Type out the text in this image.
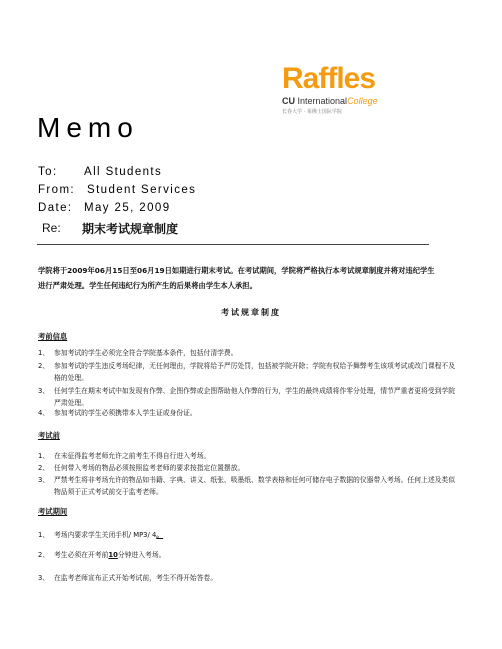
Raffles
CU InternationalCollege
长春大学 · 莱佛士国际学院
Memo
To: All Students
From: Student Services
Date: May 25, 2009
Re: 期末考试规章制度
学院将于2009年06月15日至06月19日如期进行期末考试。在考试期间，学院将严格执行本考试规章制度并将对违纪学生进行严肃处理。学生任何违纪行为所产生的后果将由学生本人承担。
考试规章制度
考前信息
1、 参加考试的学生必须完全符合学院基本条件，包括付清学费。
2、 参加考试的学生违反考场纪律，无任何理由，学院将给予严厉处罚，包括被学院开除；学院有权给予舞弊考生该项考试或改门课程不及格的处理。
3、 任何学生在期末考试中如发现有作弊、企图作弊或企图帮助他人作弊的行为，学生的最终成绩将作零分处理，情节严重者更将受到学院严肃处理。
4、 参加考试的学生必须携带本人学生证或身份证。
考试前
1、 在未征得监考老师允许之前考生不得自行进入考场。
2、 任何带入考场的物品必须按照监考老师的要求按指定位置摆放。
3、 严禁考生将非考场允许的物品如书籍、字典、讲义、纸张、吸墨纸、数学表格和任何可储存电子数据的仪器带入考场。任何上述及类似物品须于正式考试前交于监考老师。
考试期间
1、 考场内要求学生关闭手机/ MP3/ 4。
2、 考生必须在开考前10分钟进入考场。
3、 在监考老师宣布正式开始考试前，考生不得开始答卷。
